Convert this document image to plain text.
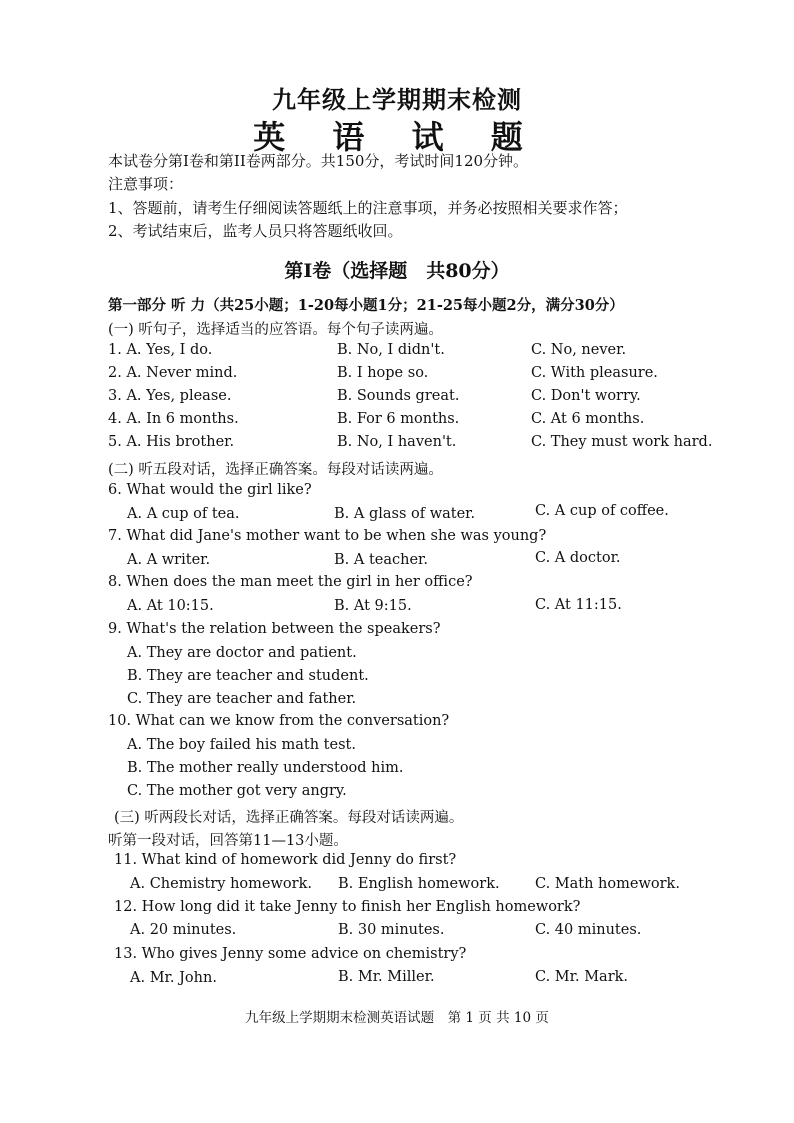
九年级上学期期末检测
英 语 试 题
本试卷分第I卷和第II卷两部分。共150分，考试时间120分钟。
注意事项：
1、答题前，请考生仔细阅读答题纸上的注意事项，并务必按照相关要求作答；
2、考试结束后，监考人员只将答题纸收回。
第I卷（选择题　共80分）
第一部分 听 力（共25小题；1-20每小题1分；21-25每小题2分，满分30分）
(一) 听句子，选择适当的应答语。每个句子读两遍。
1. A. Yes, I do.	B. No, I didn't.	C. No, never.
2. A. Never mind.	B. I hope so.	C. With pleasure.
3. A. Yes, please.	B. Sounds great.	C. Don't worry.
4. A. In 6 months.	B. For 6 months.	C. At 6 months.
5. A. His brother.	B. No, I haven't.	C. They must work hard.
(二) 听五段对话，选择正确答案。每段对话读两遍。
6. What would the girl like?
A. A cup of tea.	B. A glass of water.	C. A cup of coffee.
7. What did Jane's mother want to be when she was young?
A. A writer.	B. A teacher.	C. A doctor.
8. When does the man meet the girl in her office?
A. At 10:15.	B. At 9:15.	C. At 11:15.
9. What's the relation between the speakers?
A. They are doctor and patient.
B. They are teacher and student.
C. They are teacher and father.
10. What can we know from the conversation?
A. The boy failed his math test.
B. The mother really understood him.
C. The mother got very angry.
(三) 听两段长对话，选择正确答案。每段对话读两遍。
听第一段对话，回答第11—13小题。
11. What kind of homework did Jenny do first?
A. Chemistry homework. B. English homework. C. Math homework.
12. How long did it take Jenny to finish her English homework?
A. 20 minutes.	B. 30 minutes.	C. 40 minutes.
13. Who gives Jenny some advice on chemistry?
A. Mr. John.	B. Mr. Miller.	C. Mr. Mark.
九年级上学期期末检测英语试题　第 1 页 共 10 页
